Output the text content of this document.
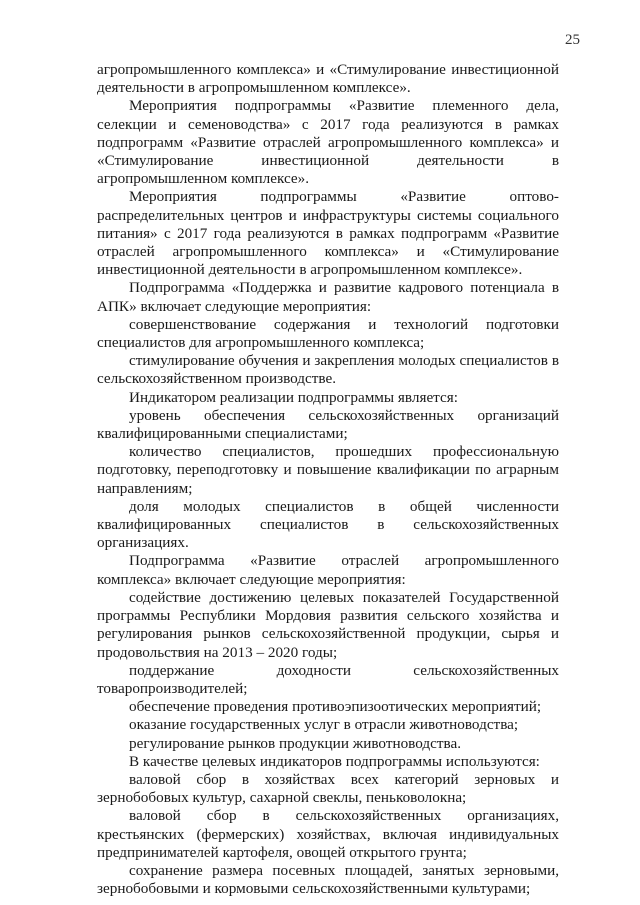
25

агропромышленного комплекса» и «Стимулирование инвестиционной деятельности в агропромышленном комплексе».

Мероприятия подпрограммы «Развитие племенного дела, селекции и семеноводства» с 2017 года реализуются в рамках подпрограмм «Развитие отраслей агропромышленного комплекса» и «Стимулирование инвестиционной деятельности в агропромышленном комплексе».

Мероприятия подпрограммы «Развитие оптово-распределительных центров и инфраструктуры системы социального питания» с 2017 года реализуются в рамках подпрограмм «Развитие отраслей агропромышленного комплекса» и «Стимулирование инвестиционной деятельности в агропромышленном комплексе».

Подпрограмма «Поддержка и развитие кадрового потенциала в АПК» включает следующие мероприятия:

совершенствование содержания и технологий подготовки специалистов для агропромышленного комплекса;

стимулирование обучения и закрепления молодых специалистов в сельскохозяйственном производстве.

Индикатором реализации подпрограммы является:

уровень обеспечения сельскохозяйственных организаций квалифицированными специалистами;

количество специалистов, прошедших профессиональную подготовку, переподготовку и повышение квалификации по аграрным направлениям;

доля молодых специалистов в общей численности квалифицированных специалистов в сельскохозяйственных организациях.

Подпрограмма «Развитие отраслей агропромышленного комплекса» включает следующие мероприятия:

содействие достижению целевых показателей Государственной программы Республики Мордовия развития сельского хозяйства и регулирования рынков сельскохозяйственной продукции, сырья и продовольствия на 2013 – 2020 годы;

поддержание доходности сельскохозяйственных товаропроизводителей;

обеспечение проведения противоэпизоотических мероприятий;

оказание государственных услуг в отрасли животноводства;

регулирование рынков продукции животноводства.

В качестве целевых индикаторов подпрограммы используются:

валовой сбор в хозяйствах всех категорий зерновых и зернобобовых культур, сахарной свеклы, пеньковолокна;

валовой сбор в сельскохозяйственных организациях, крестьянских (фермерских) хозяйствах, включая индивидуальных предпринимателей картофеля, овощей открытого грунта;

сохранение размера посевных площадей, занятых зерновыми, зернобобовыми и кормовыми сельскохозяйственными культурами;
